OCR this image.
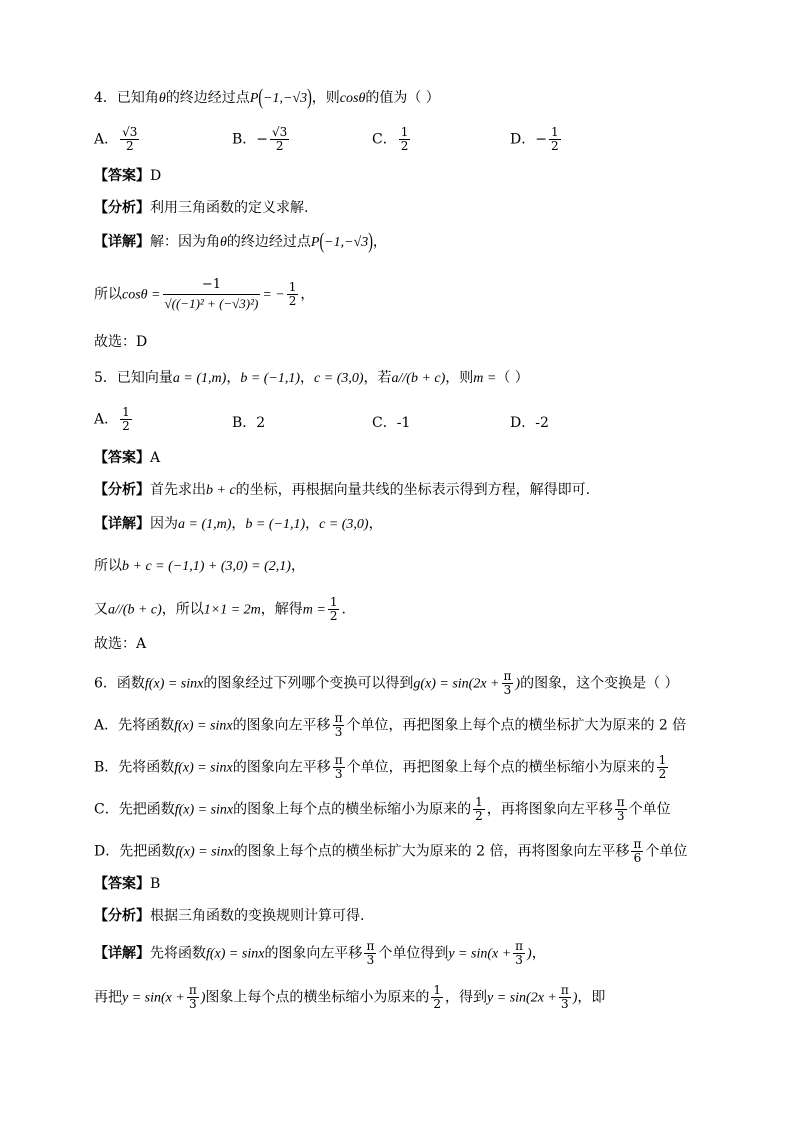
4．已知角θ的终边经过点P(−1,−√3)，则cosθ的值为（ ）
A． $\frac{√3}{2}$	B．− $\frac{√3}{2}$	C． $\frac{1}{2}$	D．− $\frac{1}{2}$
【答案】D
【分析】利用三角函数的定义求解.
【详解】解：因为角θ的终边经过点P(−1,−√3)，
所以$\cos\theta = \frac{-1}{\text{√((−1)² + (−√3)²)}}$ = − $\frac{1}{2}$ ，
故选：D
5．已知向量a = (1,m)，b = (−1,1)，c = (3,0)，若a//(b + c)，则m =（ ）
A． $\frac{1}{2}$	B．2	C．-1	D．-2
【答案】A
【分析】首先求出b + c的坐标，再根据向量共线的坐标表示得到方程，解得即可.
【详解】因为a = (1,m)，b = (−1,1)，c = (3,0)，
所以b + c = (−1,1) + (3,0) = (2,1)，
又a//(b + c)，所以1×1 = 2m，解得$m = \frac{1}{2}$ .
故选：A
6．函数f(x) = sinx的图象经过下列哪个变换可以得到$g(x) = \sin(2x + \frac{\pi}{3}$ )的图象，这个变换是（ ）
A．先将函数f(x) = sinx的图象向左平移 $\frac{\pi}{3}$ 个单位，再把图象上每个点的横坐标扩大为原来的 2 倍
B．先将函数f(x) = sinx的图象向左平移 $\frac{\pi}{3}$ 个单位，再把图象上每个点的横坐标缩小为原来的 $\frac{1}{2}$
C．先把函数f(x) = sinx的图象上每个点的横坐标缩小为原来的 $\frac{1}{2}$ ，再将图象向左平移 $\frac{\pi}{3}$ 个单位
D．先把函数f(x) = sinx的图象上每个点的横坐标扩大为原来的 2 倍，再将图象向左平移 $\frac{\pi}{6}$ 个单位
【答案】B
【分析】根据三角函数的变换规则计算可得.
【详解】先将函数f(x) = sinx的图象向左平移 $\frac{\pi}{3}$ 个单位得到$y = \sin(x + \frac{\pi}{3}$ )，
再把$y = \sin(x + \frac{\pi}{3}$ )图象上每个点的横坐标缩小为原来的 $\frac{1}{2}$ ，得到$y = \sin(2x + \frac{\pi}{3}$ )，即
